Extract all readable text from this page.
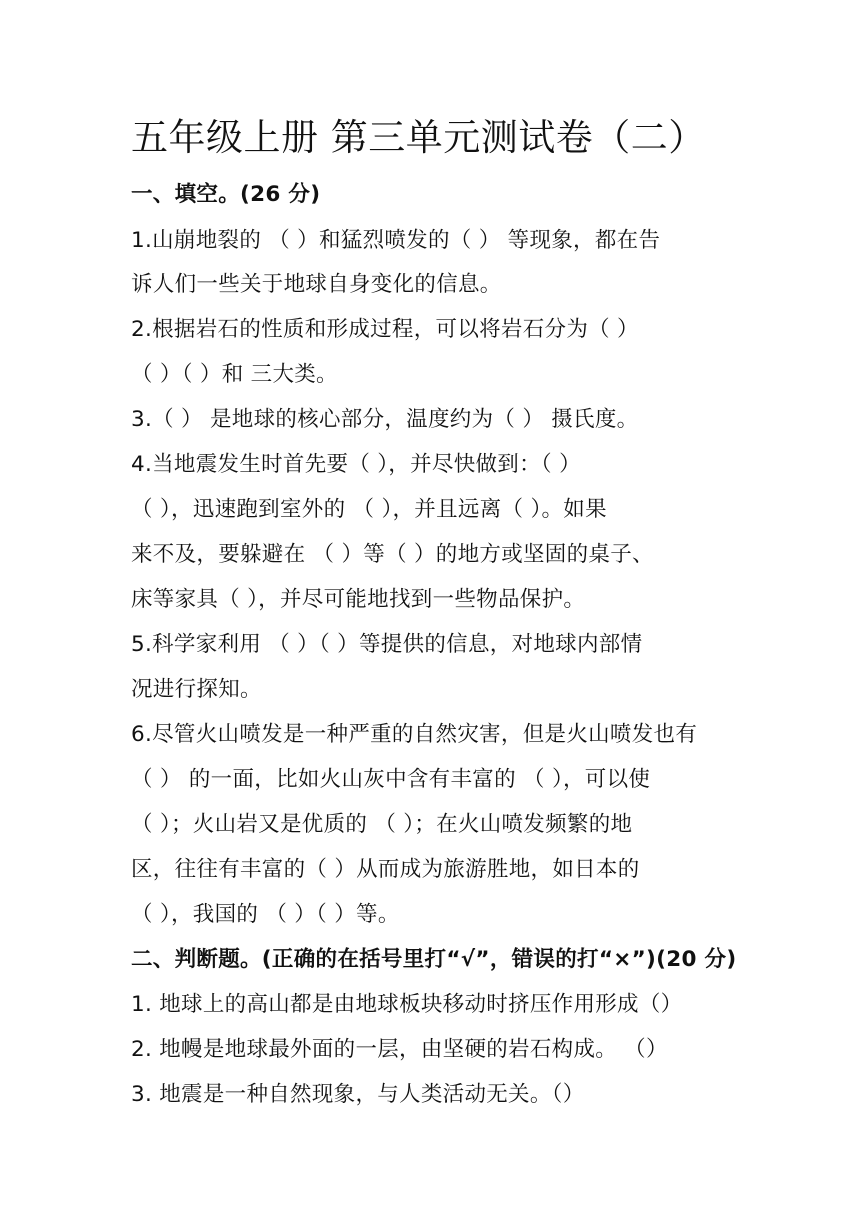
五年级上册 第三单元测试卷（二）
一、填空。(26 分)
1.山崩地裂的 （ ）和猛烈喷发的（ ） 等现象，都在告
诉人们一些关于地球自身变化的信息。
2.根据岩石的性质和形成过程，可以将岩石分为（ ）
（ ）（ ）和 三大类。
3.（ ） 是地球的核心部分，温度约为（ ） 摄氏度。
4.当地震发生时首先要（ ），并尽快做到：（ ）
（ ），迅速跑到室外的 （ ），并且远离（ ）。如果
来不及，要躲避在 （ ）等（ ）的地方或坚固的桌子、
床等家具（ ），并尽可能地找到一些物品保护。
5.科学家利用 （ ）（ ）等提供的信息，对地球内部情
况进行探知。
6.尽管火山喷发是一种严重的自然灾害，但是火山喷发也有
（ ） 的一面，比如火山灰中含有丰富的 （ ），可以使
（ ）；火山岩又是优质的 （ ）；在火山喷发频繁的地
区，往往有丰富的（ ）从而成为旅游胜地，如日本的
（ ），我国的 （ ）（ ）等。
二、判断题。(正确的在括号里打“√”，错误的打“×”)(20 分)
1. 地球上的高山都是由地球板块移动时挤压作用形成（）
2. 地幔是地球最外面的一层，由坚硬的岩石构成。 （）
3. 地震是一种自然现象，与人类活动无关。（）
